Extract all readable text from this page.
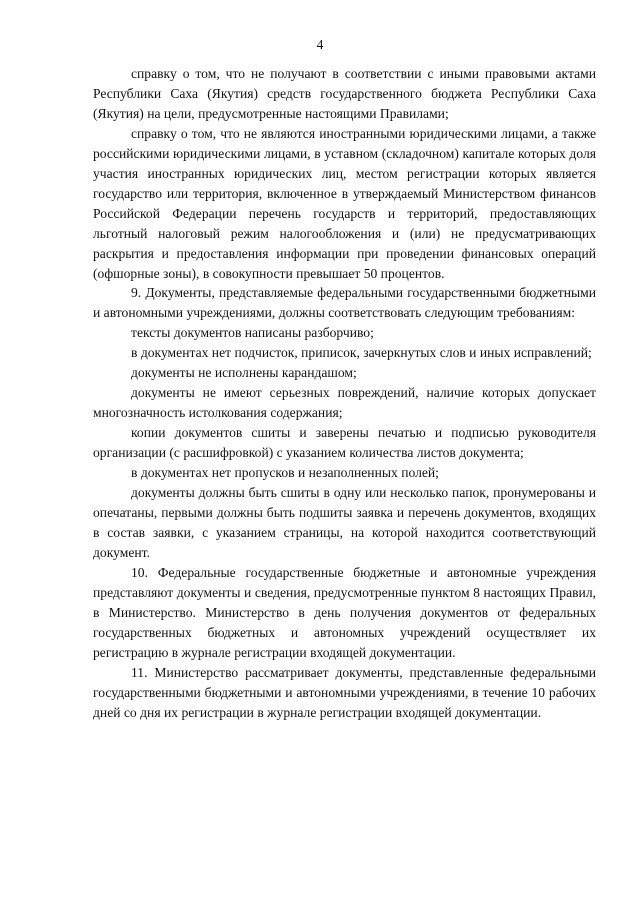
4

справку о том, что не получают в соответствии с иными правовыми актами Республики Саха (Якутия) средств государственного бюджета Республики Саха (Якутия) на цели, предусмотренные настоящими Правилами;

справку о том, что не являются иностранными юридическими лицами, а также российскими юридическими лицами, в уставном (складочном) капитале которых доля участия иностранных юридических лиц, местом регистрации которых является государство или территория, включенное в утверждаемый Министерством финансов Российской Федерации перечень государств и территорий, предоставляющих льготный налоговый режим налогообложения и (или) не предусматривающих раскрытия и предоставления информации при проведении финансовых операций (офшорные зоны), в совокупности превышает 50 процентов.

9. Документы, представляемые федеральными государственными бюджетными и автономными учреждениями, должны соответствовать следующим требованиям:

тексты документов написаны разборчиво;

в документах нет подчисток, приписок, зачеркнутых слов и иных исправлений;

документы не исполнены карандашом;

документы не имеют серьезных повреждений, наличие которых допускает многозначность истолкования содержания;

копии документов сшиты и заверены печатью и подписью руководителя организации (с расшифровкой) с указанием количества листов документа;

в документах нет пропусков и незаполненных полей;

документы должны быть сшиты в одну или несколько папок, пронумерованы и опечатаны, первыми должны быть подшиты заявка и перечень документов, входящих в состав заявки, с указанием страницы, на которой находится соответствующий документ.

10. Федеральные государственные бюджетные и автономные учреждения представляют документы и сведения, предусмотренные пунктом 8 настоящих Правил, в Министерство. Министерство в день получения документов от федеральных государственных бюджетных и автономных учреждений осуществляет их регистрацию в журнале регистрации входящей документации.

11. Министерство рассматривает документы, представленные федеральными государственными бюджетными и автономными учреждениями, в течение 10 рабочих дней со дня их регистрации в журнале регистрации входящей документации.
